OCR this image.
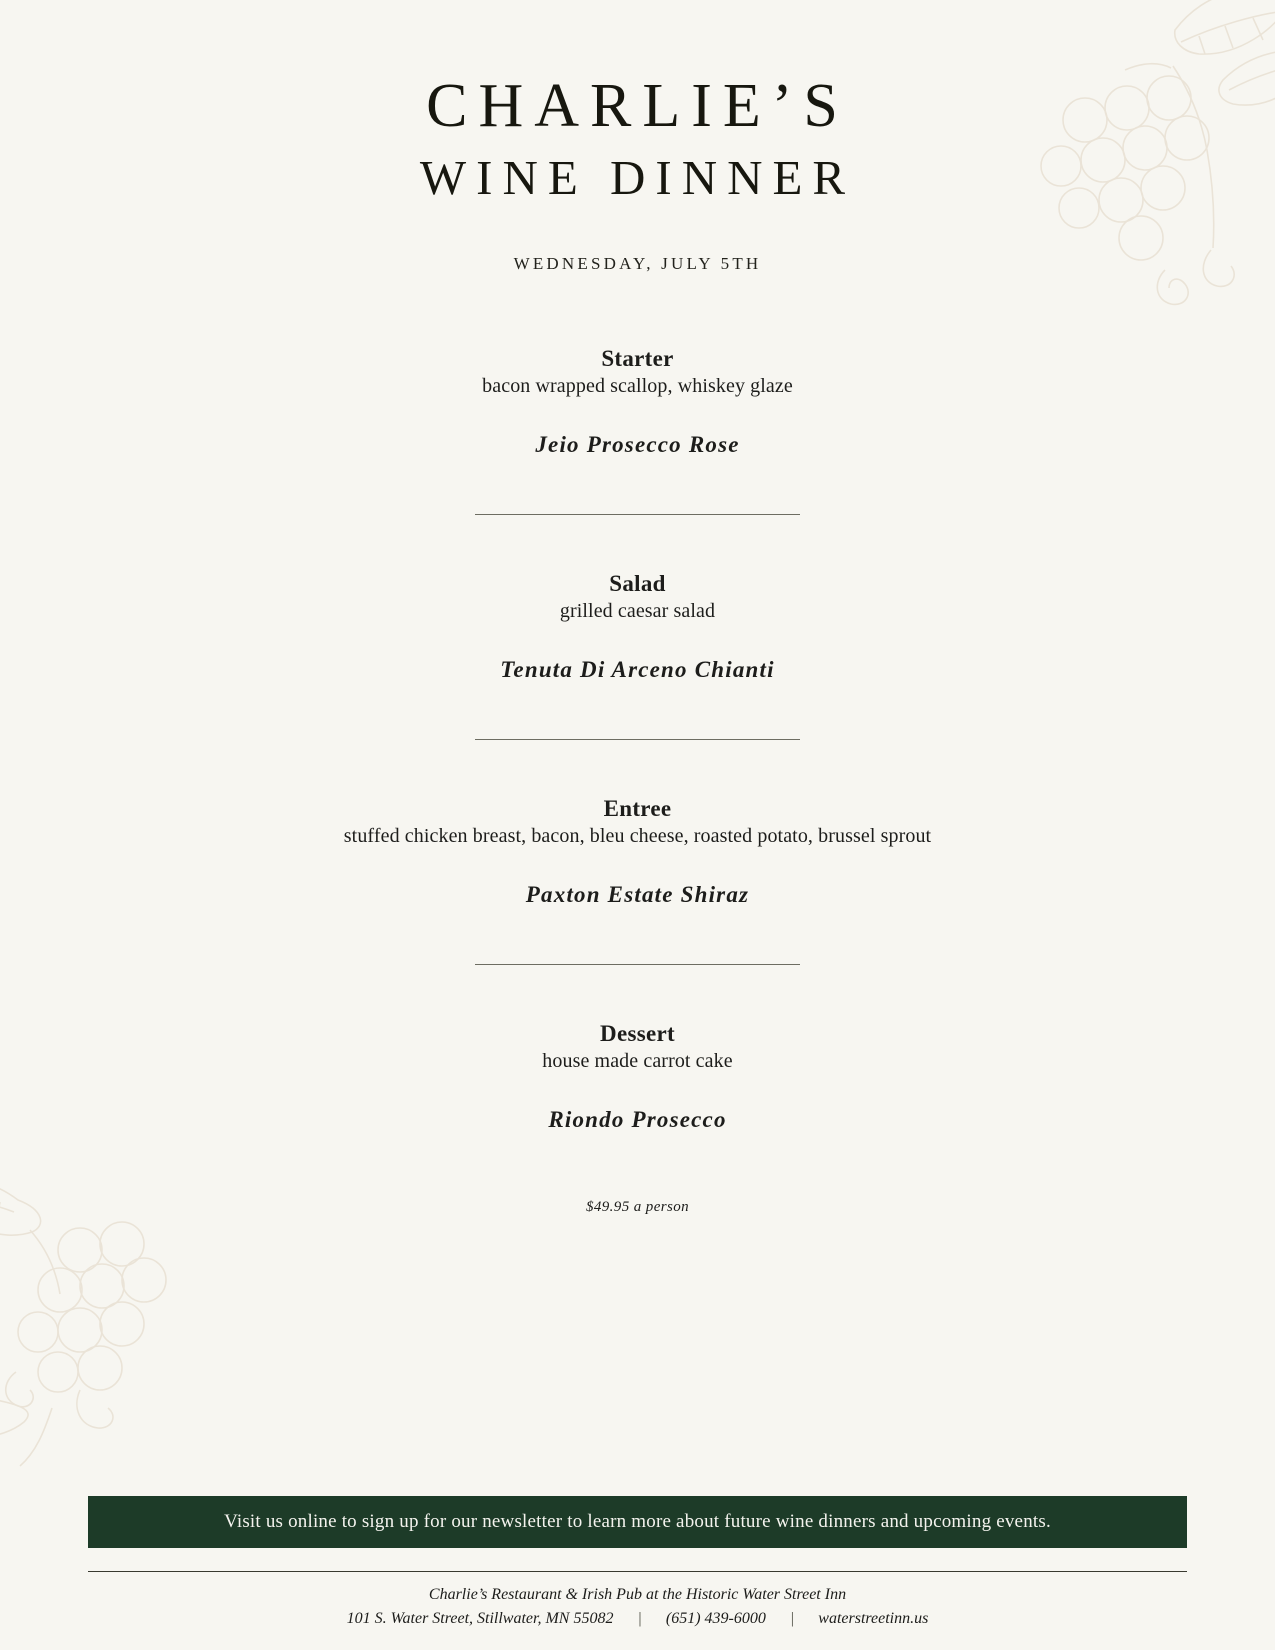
CHARLIE’S
WINE DINNER
WEDNESDAY, JULY 5TH

Starter

bacon wrapped scallop, whiskey glaze

Jeio Prosecco Rose

Salad

grilled caesar salad

Tenuta Di Arceno Chianti

Entree

stuffed chicken breast, bacon, bleu cheese, roasted potato, brussel sprout

Paxton Estate Shiraz

Dessert

house made carrot cake

Riondo Prosecco

$49.95 a person
Visit us online to sign up for our newsletter to learn more about future wine dinners and upcoming events.

Charlie’s Restaurant & Irish Pub at the Historic Water Street Inn

101 S. Water Street, Stillwater, MN 55082 | (651) 439-6000 | waterstreetinn.us
